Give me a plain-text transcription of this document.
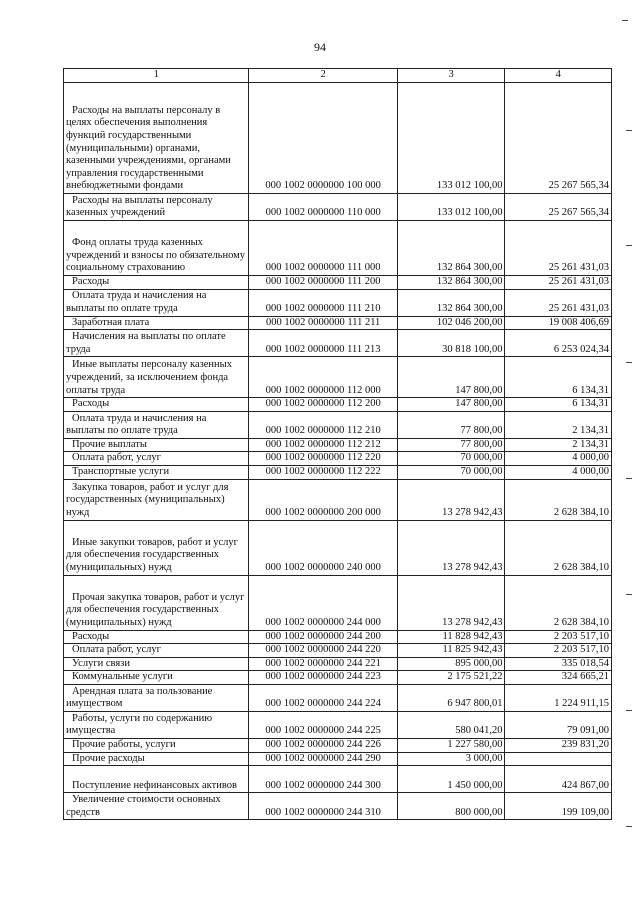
94
1	2	3	4
Расходы на выплаты персоналу в целях обеспечения выполнения функций государственными (муниципальными) органами, казенными учреждениями, органами управления государственными внебюджетными фондами	000 1002 0000000 100 000	133 012 100,00	25 267 565,34
Расходы на выплаты персоналу казенных учреждений	000 1002 0000000 110 000	133 012 100,00	25 267 565,34
Фонд оплаты труда казенных учреждений и взносы по обязательному социальному страхованию	000 1002 0000000 111 000	132 864 300,00	25 261 431,03
Расходы	000 1002 0000000 111 200	132 864 300,00	25 261 431,03
Оплата труда и начисления на выплаты по оплате труда	000 1002 0000000 111 210	132 864 300,00	25 261 431,03
Заработная плата	000 1002 0000000 111 211	102 046 200,00	19 008 406,69
Начисления на выплаты по оплате труда	000 1002 0000000 111 213	30 818 100,00	6 253 024,34
Иные выплаты персоналу казенных учреждений, за исключением фонда оплаты труда	000 1002 0000000 112 000	147 800,00	6 134,31
Расходы	000 1002 0000000 112 200	147 800,00	6 134,31
Оплата труда и начисления на выплаты по оплате труда	000 1002 0000000 112 210	77 800,00	2 134,31
Прочие выплаты	000 1002 0000000 112 212	77 800,00	2 134,31
Оплата работ, услуг	000 1002 0000000 112 220	70 000,00	4 000,00
Транспортные услуги	000 1002 0000000 112 222	70 000,00	4 000,00
Закупка товаров, работ и услуг для государственных (муниципальных) нужд	000 1002 0000000 200 000	13 278 942,43	2 628 384,10
Иные закупки товаров, работ и услуг для обеспечения государственных (муниципальных) нужд	000 1002 0000000 240 000	13 278 942,43	2 628 384,10
Прочая закупка товаров, работ и услуг для обеспечения государственных (муниципальных) нужд	000 1002 0000000 244 000	13 278 942,43	2 628 384,10
Расходы	000 1002 0000000 244 200	11 828 942,43	2 203 517,10
Оплата работ, услуг	000 1002 0000000 244 220	11 825 942,43	2 203 517,10
Услуги связи	000 1002 0000000 244 221	895 000,00	335 018,54
Коммунальные услуги	000 1002 0000000 244 223	2 175 521,22	324 665,21
Арендная плата за пользование имуществом	000 1002 0000000 244 224	6 947 800,01	1 224 911,15
Работы, услуги по содержанию имущества	000 1002 0000000 244 225	580 041,20	79 091,00
Прочие работы, услуги	000 1002 0000000 244 226	1 227 580,00	239 831,20
Прочие расходы	000 1002 0000000 244 290	3 000,00	
Поступление нефинансовых активов	000 1002 0000000 244 300	1 450 000,00	424 867,00
Увеличение стоимости основных средств	000 1002 0000000 244 310	800 000,00	199 109,00
